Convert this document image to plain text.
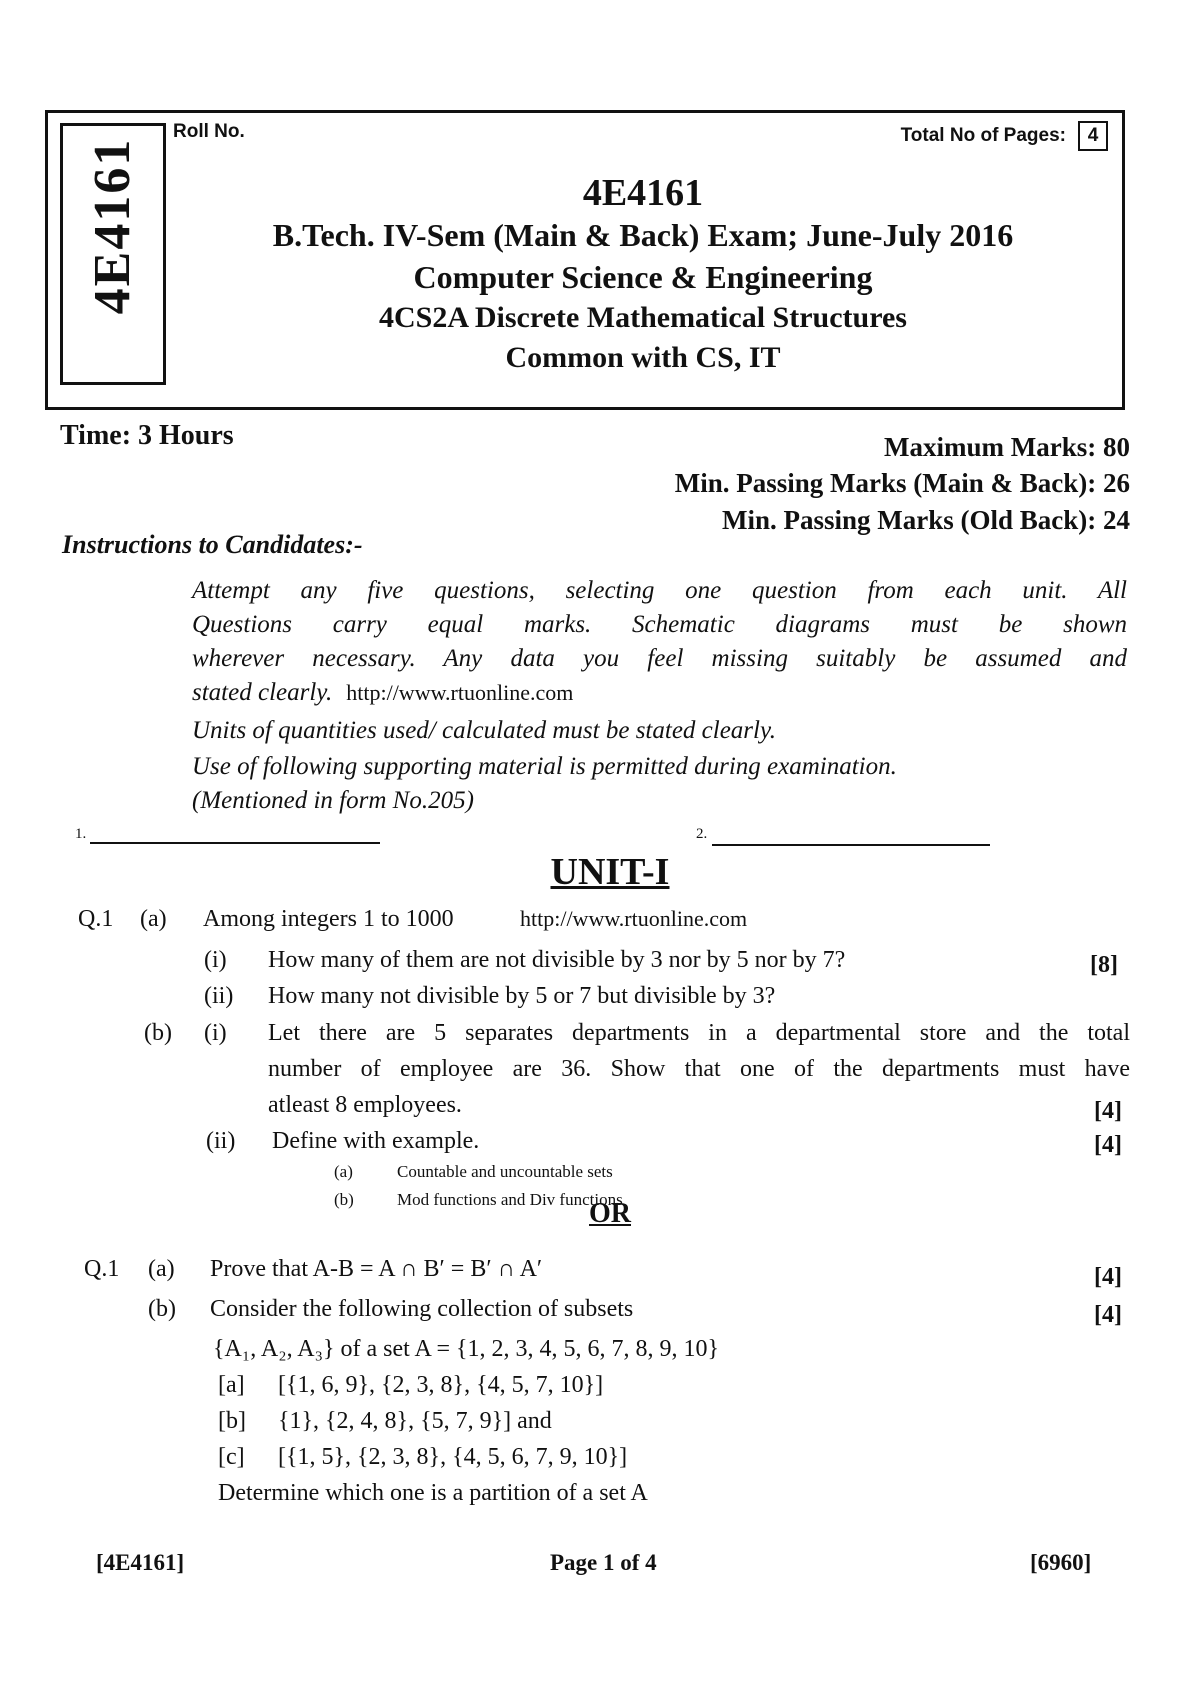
4E4161
Roll No.	Total No of Pages:	4
4E4161
B.Tech. IV-Sem (Main & Back) Exam; June-July 2016
Computer Science & Engineering
4CS2A Discrete Mathematical Structures
Common with CS, IT
Time: 3 Hours	Maximum Marks: 80
Min. Passing Marks (Main & Back): 26
Min. Passing Marks (Old Back): 24
Instructions to Candidates:-
Attempt any five questions, selecting one question from each unit. All
Questions carry equal marks. Schematic diagrams must be shown
wherever necessary. Any data you feel missing suitably be assumed and
stated clearly. http://www.rtuonline.com
Units of quantities used/ calculated must be stated clearly.
Use of following supporting material is permitted during examination.
(Mentioned in form No.205)
1.	2.
UNIT-I
Q.1 (a) Among integers 1 to 1000	http://www.rtuonline.com
(i) How many of them are not divisible by 3 nor by 5 nor by 7?	[8]
(ii) How many not divisible by 5 or 7 but divisible by 3?
(b) (i) Let there are 5 separates departments in a departmental store and the total
number of employee are 36. Show that one of the departments must have
atleast 8 employees.	[4]
(ii) Define with example.	[4]
(a)	Countable and uncountable sets
(b)	Mod functions and Div functions
OR
Q.1 (a) Prove that A-B = A ∩ B′ = B′ ∩ A′	[4]
(b) Consider the following collection of subsets	[4]
{A₁, A₂, A₃} of a set A = {1, 2, 3, 4, 5, 6, 7, 8, 9, 10}
[a] [{1, 6, 9}, {2, 3, 8}, {4, 5, 7, 10}]
[b] {1}, {2, 4, 8}, {5, 7, 9}] and
[c] [{1, 5}, {2, 3, 8}, {4, 5, 6, 7, 9, 10}]
Determine which one is a partition of a set A
[4E4161]	Page 1 of 4	[6960]
